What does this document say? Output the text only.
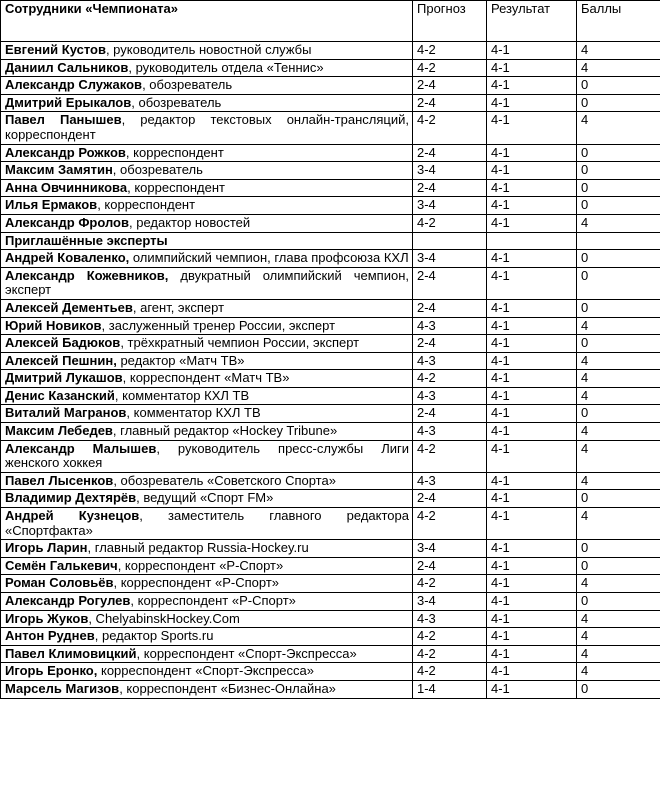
Сотрудники «Чемпионата»	Прогноз	Результат	Баллы
Евгений Кустов, руководитель новостной службы	4-2	4-1	4
Даниил Сальников, руководитель отдела «Теннис»	4-2	4-1	4
Александр Служаков, обозреватель	2-4	4-1	0
Дмитрий Ерыкалов, обозреватель	2-4	4-1	0
Павел Панышев, редактор текстовых онлайн-трансляций, корреспондент	4-2	4-1	4
Александр Рожков, корреспондент	2-4	4-1	0
Максим Замятин, обозреватель	3-4	4-1	0
Анна Овчинникова, корреспондент	2-4	4-1	0
Илья Ермаков, корреспондент	3-4	4-1	0
Александр Фролов, редактор новостей	4-2	4-1	4
Приглашённые эксперты			
Андрей Коваленко, олимпийский чемпион, глава профсоюза КХЛ	3-4	4-1	0
Александр Кожевников, двукратный олимпийский чемпион, эксперт	2-4	4-1	0
Алексей Дементьев, агент, эксперт	2-4	4-1	0
Юрий Новиков, заслуженный тренер России, эксперт	4-3	4-1	4
Алексей Бадюков, трёхкратный чемпион России, эксперт	2-4	4-1	0
Алексей Пешнин, редактор «Матч ТВ»	4-3	4-1	4
Дмитрий Лукашов, корреспондент «Матч ТВ»	4-2	4-1	4
Денис Казанский, комментатор КХЛ ТВ	4-3	4-1	4
Виталий Магранов, комментатор КХЛ ТВ	2-4	4-1	0
Максим Лебедев, главный редактор «Hockey Tribune»	4-3	4-1	4
Александр Малышев, руководитель пресс-службы Лиги женского хоккея	4-2	4-1	4
Павел Лысенков, обозреватель «Советского Спорта»	4-3	4-1	4
Владимир Дехтярёв, ведущий «Спорт FM»	2-4	4-1	0
Андрей Кузнецов, заместитель главного редактора «Спортфакта»	4-2	4-1	4
Игорь Ларин, главный редактор Russia-Hockey.ru	3-4	4-1	0
Семён Галькевич, корреспондент «Р-Спорт»	2-4	4-1	0
Роман Соловьёв, корреспондент «Р-Спорт»	4-2	4-1	4
Александр Рогулев, корреспондент «Р-Спорт»	3-4	4-1	0
Игорь Жуков, ChelyabinskHockey.Com	4-3	4-1	4
Антон Руднев, редактор Sports.ru	4-2	4-1	4
Павел Климовицкий, корреспондент «Спорт-Экспресса»	4-2	4-1	4
Игорь Еронко, корреспондент «Спорт-Экспресса»	4-2	4-1	4
Марсель Магизов, корреспондент «Бизнес-Онлайна»	1-4	4-1	0
